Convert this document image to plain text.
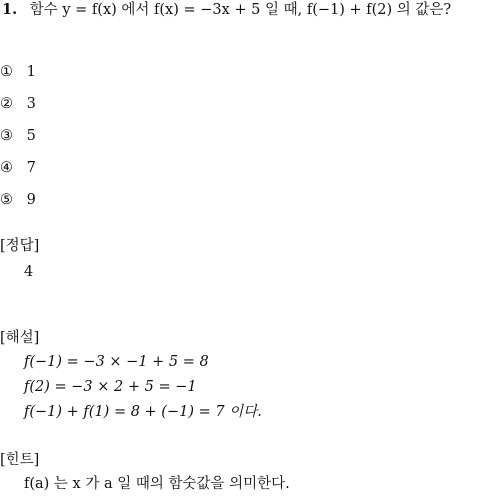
1. 함수 y = f(x) 에서 f(x) = −3x + 5 일 때, f(−1) + f(2) 의 값은?
① 1
② 3
③ 5
④ 7
⑤ 9
[정답]
4
[해설]
f(−1) = −3 × −1 + 5 = 8
f(2) = −3 × 2 + 5 = −1
f(−1) + f(1) = 8 + (−1) = 7 이다.
[힌트]
f(a) 는 x 가 a 일 때의 함숫값을 의미한다.
